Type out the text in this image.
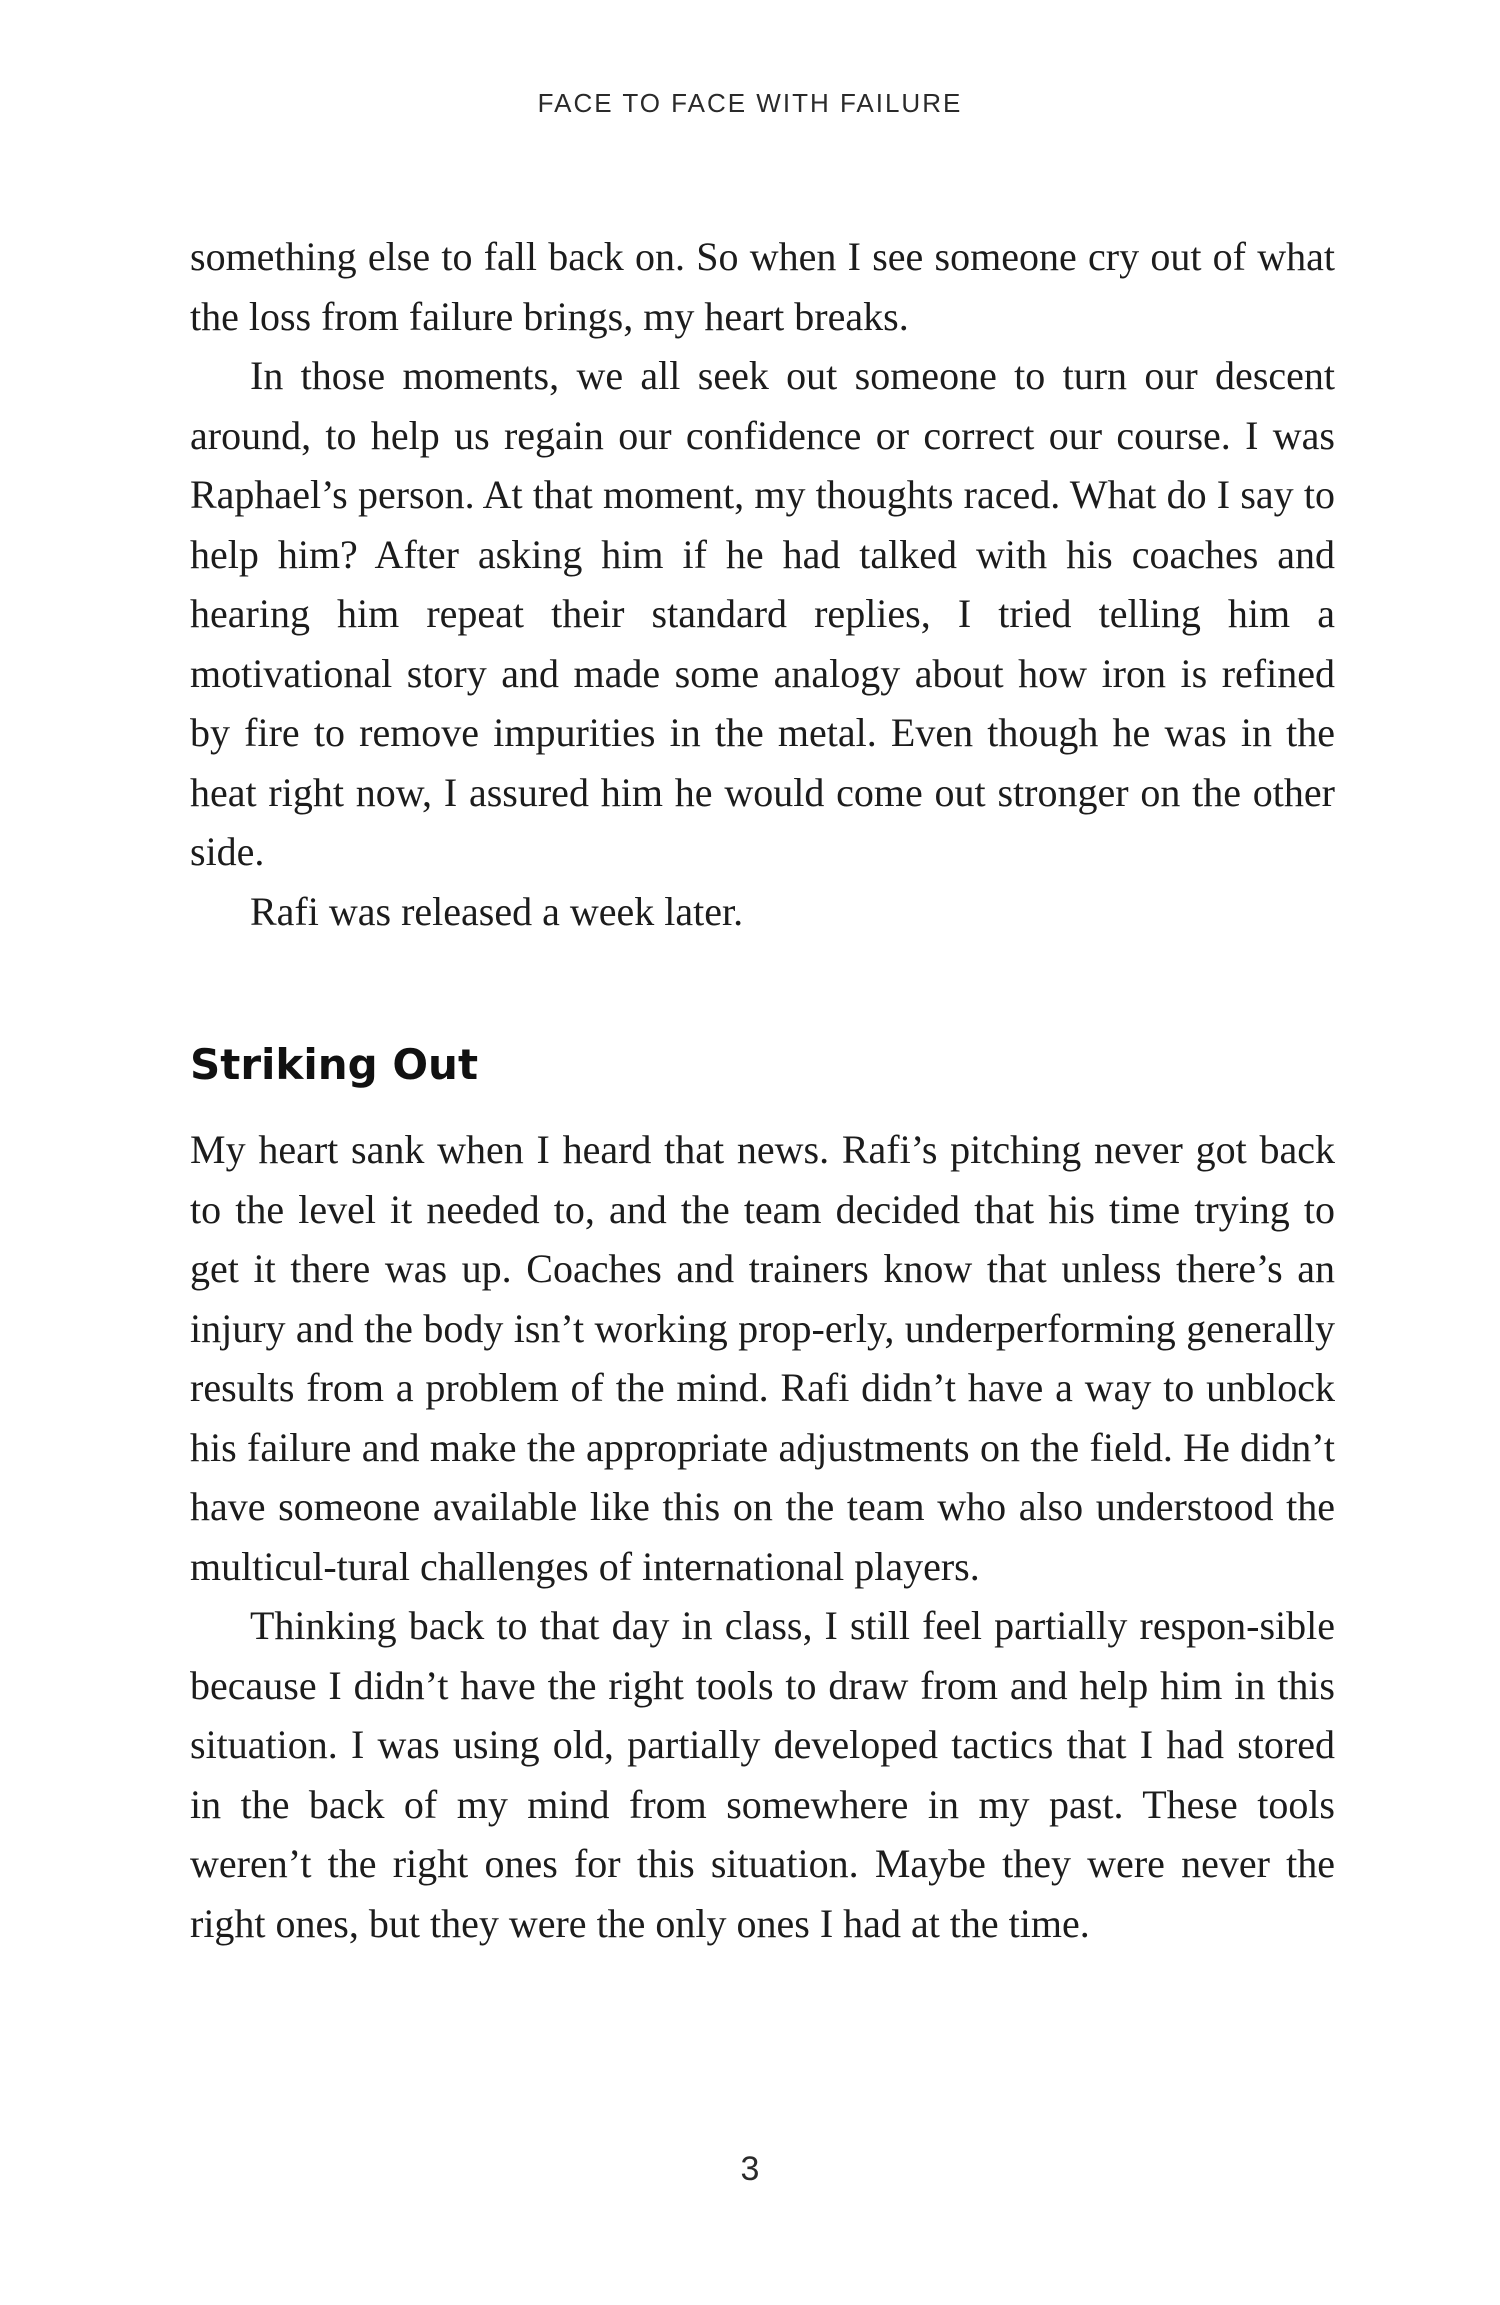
FACE TO FACE WITH FAILURE

something else to fall back on. So when I see someone cry out of what the loss from failure brings, my heart breaks.

In those moments, we all seek out someone to turn our descent around, to help us regain our confidence or correct our course. I was Raphael’s person. At that moment, my thoughts raced. What do I say to help him? After asking him if he had talked with his coaches and hearing him repeat their standard replies, I tried telling him a motivational story and made some analogy about how iron is refined by fire to remove impurities in the metal. Even though he was in the heat right now, I assured him he would come out stronger on the other side.

Rafi was released a week later.

Striking Out

My heart sank when I heard that news. Rafi’s pitching never got back to the level it needed to, and the team decided that his time trying to get it there was up. Coaches and trainers know that unless there’s an injury and the body isn’t working prop-erly, underperforming generally results from a problem of the mind. Rafi didn’t have a way to unblock his failure and make the appropriate adjustments on the field. He didn’t have someone available like this on the team who also understood the multicul-tural challenges of international players.

Thinking back to that day in class, I still feel partially respon-sible because I didn’t have the right tools to draw from and help him in this situation. I was using old, partially developed tactics that I had stored in the back of my mind from somewhere in my past. These tools weren’t the right ones for this situation. Maybe they were never the right ones, but they were the only ones I had at the time.

3
